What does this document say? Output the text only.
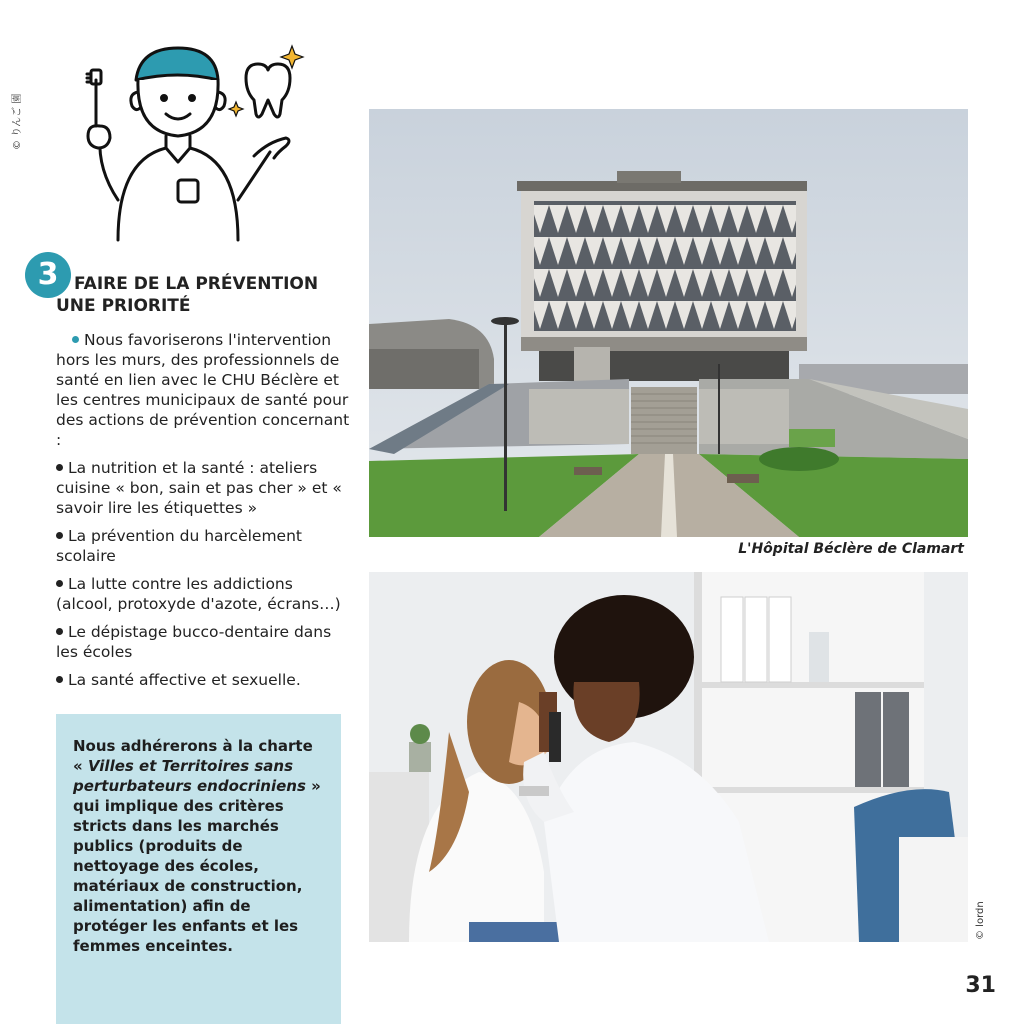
© りんご 園
3 FAIRE DE LA PRÉVENTION
UNE PRIORITÉ

Nous favoriserons l'intervention hors les murs, des professionnels de santé en lien avec le CHU Béclère et les centres municipaux de santé pour des actions de prévention concernant :

La nutrition et la santé : ateliers cuisine « bon, sain et pas cher » et « savoir lire les étiquettes »

La prévention du harcèlement scolaire

La lutte contre les addictions (alcool, protoxyde d'azote, écrans…)

Le dépistage bucco-dentaire dans les écoles

La santé affective et sexuelle.

Nous adhérerons à la charte « Villes et Territoires sans perturbateurs endocriniens » qui implique des critères stricts dans les marchés publics (produits de nettoyage des écoles, matériaux de construction, alimentation) afin de protéger les enfants et les femmes enceintes.
L'Hôpital Béclère de Clamart
© lordn
31
